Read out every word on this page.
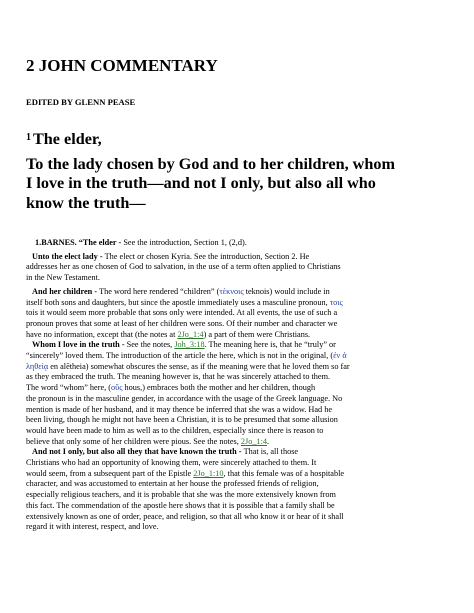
2 JOHN COMMENTARY
EDITED BY GLENN PEASE
$^1$ The elder,
To the lady chosen by God and to her children, whom
I love in the truth—and not I only, but also all who
know the truth—
1.BARNES. “The elder - See the introduction, Section 1, (2,d).
Unto the elect lady - The elect or chosen Kyria. See the introduction, Section 2. He
addresses her as one chosen of God to salvation, in the use of a term often applied to Christians
in the New Testament.
And her children - The word here rendered “children” (τέκνοις teknois) would include in
itself both sons and daughters, but since the apostle immediately uses a masculine pronoun, τοις
tois it would seem more probable that sons only were intended. At all events, the use of such a
pronoun proves that some at least of her children were sons. Of their number and character we
have no information, except that (the notes at 2Jo_1:4) a part of them were Christians.
Whom I love in the truth - See the notes, Joh_3:18. The meaning here is, that he “truly” or
“sincerely” loved them. The introduction of the article the here, which is not in the original, (ἐν ἀ
ληθείᾳ en alētheia) somewhat obscures the sense, as if the meaning were that he loved them so far
as they embraced the truth. The meaning however is, that he was sincerely attached to them.
The word “whom” here, (οὕς hous,) embraces both the mother and her children, though
the pronoun is in the masculine gender, in accordance with the usage of the Greek language. No
mention is made of her husband, and it may thence be inferred that she was a widow. Had he
been living, though he might not have been a Christian, it is to be presumed that some allusion
would have been made to him as well as to the children, especially since there is reason to
believe that only some of her children were pious. See the notes, 2Jo_1:4.
And not I only, but also all they that have known the truth - That is, all those
Christians who had an opportunity of knowing them, were sincerely attached to them. It
would seem, from a subsequent part of the Epistle 2Jo_1:10, that this female was of a hospitable
character, and was accustomed to entertain at her house the professed friends of religion,
especially religious teachers, and it is probable that she was the more extensively known from
this fact. The commendation of the apostle here shows that it is possible that a family shall be
extensively known as one of order, peace, and religion, so that all who know it or hear of it shall
regard it with interest, respect, and love.
